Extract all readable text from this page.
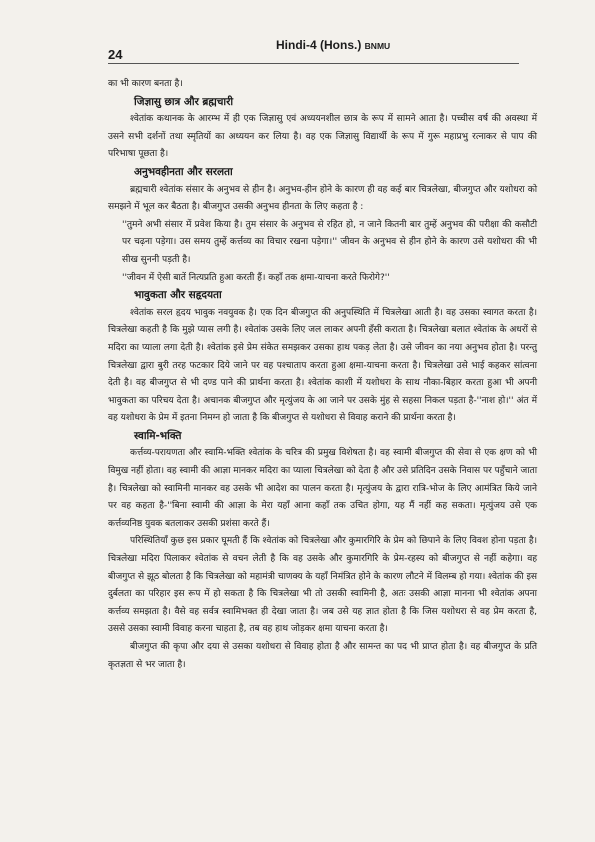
24
Hindi-4 (Hons.) BNMU

का भी कारण बनता है।

जिज्ञासु छात्र और ब्रह्मचारी

श्वेतांक कथानक के आरम्भ में ही एक जिज्ञासु एवं अध्ययनशील छात्र के रूप में सामने आता है। पच्चीस वर्ष की अवस्था में उसने सभी दर्शनों तथा स्मृतियों का अध्ययन कर लिया है। वह एक जिज्ञासु विद्यार्थी के रूप में गुरू महाप्रभु रत्नाकर से पाप की परिभाषा पूछता है।

अनुभवहीनता और सरलता

ब्रह्मचारी श्वेतांक संसार के अनुभव से हीन है। अनुभव-हीन होने के कारण ही वह कई बार चित्रलेखा, बीजगुप्त और यशोधरा को समझने में भूल कर बैठता है। बीजगुप्त उसकी अनुभव हीनता के लिए कहता है :

''तुमने अभी संसार में प्रवेश किया है। तुम संसार के अनुभव से रहित हो, न जाने कितनी बार तुम्हें अनुभव की परीक्षा की कसौटी पर चढ़ना पड़ेगा। उस समय तुम्हें कर्त्तव्य का विचार रखना पड़ेगा।'' जीवन के अनुभव से हीन होने के कारण उसे यशोधरा की भी सीख सुननी पड़ती है।

''जीवन में ऐसी बातें नित्यप्रति हुआ करती हैं। कहाँ तक क्षमा-याचना करते फिरोगे?''

भावुकता और सहृदयता

श्वेतांक सरल हृदय भावुक नवयुवक है। एक दिन बीजगुप्त की अनुपस्थिति में चित्रलेखा आती है। वह उसका स्वागत करता है। चित्रलेखा कहती है कि मुझे प्यास लगी है। श्वेतांक उसके लिए जल लाकर अपनी हँसी कराता है। चित्रलेखा बलात श्वेतांक के अधरों से मदिरा का प्याला लगा देती है। श्वेतांक इसे प्रेम संकेत समझकर उसका हाथ पकड़ लेता है। उसे जीवन का नया अनुभव होता है। परन्तु चित्रलेखा द्वारा बुरी तरह फटकार दिये जाने पर वह पश्चाताप करता हुआ क्षमा-याचना करता है। चित्रलेखा उसे भाई कहकर सांत्वना देती है। वह बीजगुप्त से भी दण्ड पाने की प्रार्थना करता है। श्वेतांक काशी में यशोधरा के साथ नौका-बिहार करता हुआ भी अपनी भावुकता का परिचय देता है। अचानक बीजगुप्त और मृत्युंजय के आ जाने पर उसके मुंह से सहसा निकल पड़ता है-''नाश हो।'' अंत में वह यशोधरा के प्रेम में इतना निमग्न हो जाता है कि बीजगुप्त से यशोधरा से विवाह कराने की प्रार्थना करता है।

स्वामि-भक्ति

कर्त्तव्य-परायणता और स्वामि-भक्ति श्वेतांक के चरित्र की प्रमुख विशेषता है। वह स्वामी बीजगुप्त की सेवा से एक क्षण को भी विमुख नहीं होता। वह स्वामी की आज्ञा मानकर मदिरा का प्याला चित्रलेखा को देता है और उसे प्रतिदिन उसके निवास पर पहुँचाने जाता है। चित्रलेखा को स्वामिनी मानकर वह उसके भी आदेश का पालन करता है। मृत्युंजय के द्वारा रात्रि-भोज के लिए आमंत्रित किये जाने पर वह कहता है-''बिना स्वामी की आज्ञा के मेरा यहाँ आना कहाँ तक उचित होगा, यह मैं नहीं कह सकता। मृत्युंजय उसे एक कर्त्तव्यनिष्ठ युवक बतलाकर उसकी प्रशंसा करते हैं।

परिस्थितियाँ कुछ इस प्रकार घूमती हैं कि श्वेतांक को चित्रलेखा और कुमारगिरि के प्रेम को छिपाने के लिए विवश होना पड़ता है। चित्रलेखा मदिरा पिलाकर श्वेतांक से वचन लेती है कि वह उसके और कुमारगिरि के प्रेम-रहस्य को बीजगुप्त से नहीं कहेगा। वह बीजगुप्त से झूठ बोलता है कि चित्रलेखा को महामंत्री चाणक्य के यहाँ निमंत्रित होने के कारण लौटने में विलम्ब हो गया। श्वेतांक की इस दुर्बलता का परिहार इस रूप में हो सकता है कि चित्रलेखा भी तो उसकी स्वामिनी है, अतः उसकी आज्ञा मानना भी श्वेतांक अपना कर्त्तव्य समझता है। वैसे वह सर्वत्र स्वामिभक्त ही देखा जाता है। जब उसे यह ज्ञात होता है कि जिस यशोधरा से वह प्रेम करता है, उससे उसका स्वामी विवाह करना चाहता है, तब वह हाथ जोड़कर क्षमा याचना करता है।

बीजगुप्त की कृपा और दया से उसका यशोधरा से विवाह होता है और सामन्त का पद भी प्राप्त होता है। वह बीजगुप्त के प्रति कृतज्ञता से भर जाता है।
